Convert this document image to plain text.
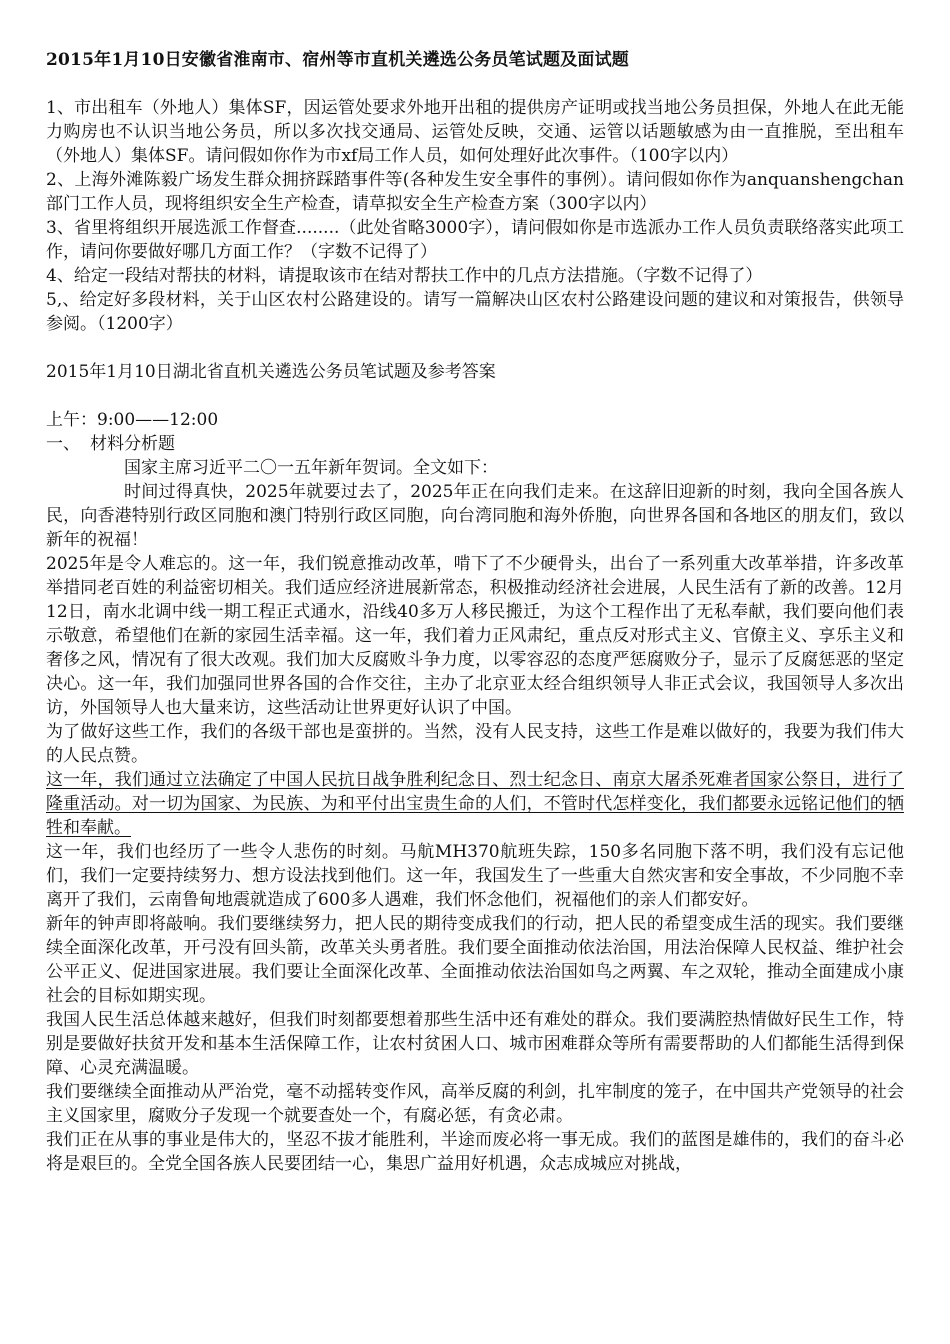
2015年1月10日安徽省淮南市、宿州等市直机关遴选公务员笔试题及面试题

1、市出租车（外地人）集体SF，因运管处要求外地开出租的提供房产证明或找当地公务员担保，外地人在此无能力购房也不认识当地公务员，所以多次找交通局、运管处反映，交通、运管以话题敏感为由一直推脱，至出租车（外地人）集体SF。请问假如你作为市xf局工作人员，如何处理好此次事件。（100字以内）

2、上海外滩陈毅广场发生群众拥挤踩踏事件等(各种发生安全事件的事例）。请问假如你作为anquanshengchan部门工作人员，现将组织安全生产检查，请草拟安全生产检查方案（300字以内）

3、省里将组织开展选派工作督查........（此处省略3000字），请问假如你是市选派办工作人员负责联络落实此项工作，请问你要做好哪几方面工作？（字数不记得了）

4、给定一段结对帮扶的材料，请提取该市在结对帮扶工作中的几点方法措施。（字数不记得了）

5,、给定好多段材料，关于山区农村公路建设的。请写一篇解决山区农村公路建设问题的建议和对策报告，供领导参阅。（1200字）

2015年1月10日湖北省直机关遴选公务员笔试题及参考答案

上午：9:00——12:00

一、 材料分析题

国家主席习近平二〇一五年新年贺词。全文如下：

时间过得真快，2025年就要过去了，2025年正在向我们走来。在这辞旧迎新的时刻，我向全国各族人民，向香港特别行政区同胞和澳门特别行政区同胞，向台湾同胞和海外侨胞，向世界各国和各地区的朋友们，致以新年的祝福！

2025年是令人难忘的。这一年，我们锐意推动改革，啃下了不少硬骨头，出台了一系列重大改革举措，许多改革举措同老百姓的利益密切相关。我们适应经济进展新常态，积极推动经济社会进展，人民生活有了新的改善。12月12日，南水北调中线一期工程正式通水，沿线40多万人移民搬迁，为这个工程作出了无私奉献，我们要向他们表示敬意，希望他们在新的家园生活幸福。这一年，我们着力正风肃纪，重点反对形式主义、官僚主义、享乐主义和奢侈之风，情况有了很大改观。我们加大反腐败斗争力度，以零容忍的态度严惩腐败分子，显示了反腐惩恶的坚定决心。这一年，我们加强同世界各国的合作交往，主办了北京亚太经合组织领导人非正式会议，我国领导人多次出访，外国领导人也大量来访，这些活动让世界更好认识了中国。

为了做好这些工作，我们的各级干部也是蛮拼的。当然，没有人民支持，这些工作是难以做好的，我要为我们伟大的人民点赞。

这一年，我们通过立法确定了中国人民抗日战争胜利纪念日、烈士纪念日、南京大屠杀死难者国家公祭日，进行了隆重活动。对一切为国家、为民族、为和平付出宝贵生命的人们，不管时代怎样变化，我们都要永远铭记他们的牺牲和奉献。

这一年，我们也经历了一些令人悲伤的时刻。马航MH370航班失踪，150多名同胞下落不明，我们没有忘记他们，我们一定要持续努力、想方设法找到他们。这一年，我国发生了一些重大自然灾害和安全事故，不少同胞不幸离开了我们，云南鲁甸地震就造成了600多人遇难，我们怀念他们，祝福他们的亲人们都安好。

新年的钟声即将敲响。我们要继续努力，把人民的期待变成我们的行动，把人民的希望变成生活的现实。我们要继续全面深化改革，开弓没有回头箭，改革关头勇者胜。我们要全面推动依法治国，用法治保障人民权益、维护社会公平正义、促进国家进展。我们要让全面深化改革、全面推动依法治国如鸟之两翼、车之双轮，推动全面建成小康社会的目标如期实现。

我国人民生活总体越来越好，但我们时刻都要想着那些生活中还有难处的群众。我们要满腔热情做好民生工作，特别是要做好扶贫开发和基本生活保障工作，让农村贫困人口、城市困难群众等所有需要帮助的人们都能生活得到保障、心灵充满温暖。

我们要继续全面推动从严治党，毫不动摇转变作风，高举反腐的利剑，扎牢制度的笼子，在中国共产党领导的社会主义国家里，腐败分子发现一个就要查处一个，有腐必惩，有贪必肃。

我们正在从事的事业是伟大的，坚忍不拔才能胜利，半途而废必将一事无成。我们的蓝图是雄伟的，我们的奋斗必将是艰巨的。全党全国各族人民要团结一心，集思广益用好机遇，众志成城应对挑战，
